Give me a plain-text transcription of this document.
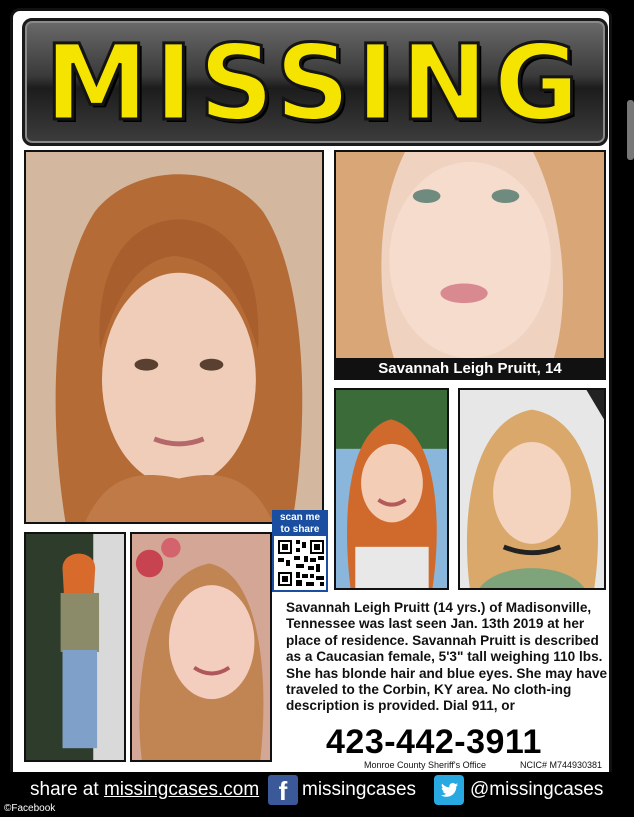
MISSING
Savannah Leigh Pruitt, 14
scan me
to share
Savannah Leigh Pruitt (14 yrs.) of Madisonville, Tennessee was last seen Jan. 13th 2019 at her place of residence. Savannah Pruitt is described as a Caucasian female, 5'3" tall weighing 110 lbs. She has blonde hair and blue eyes. She may have traveled to the Corbin, KY area. No cloth-ing description is provided. Dial 911, or
423-442-3911
Monroe County Sheriff's Office	NCIC# M744930381
share at missingcases.com f missingcases	@missingcases
©Facebook
